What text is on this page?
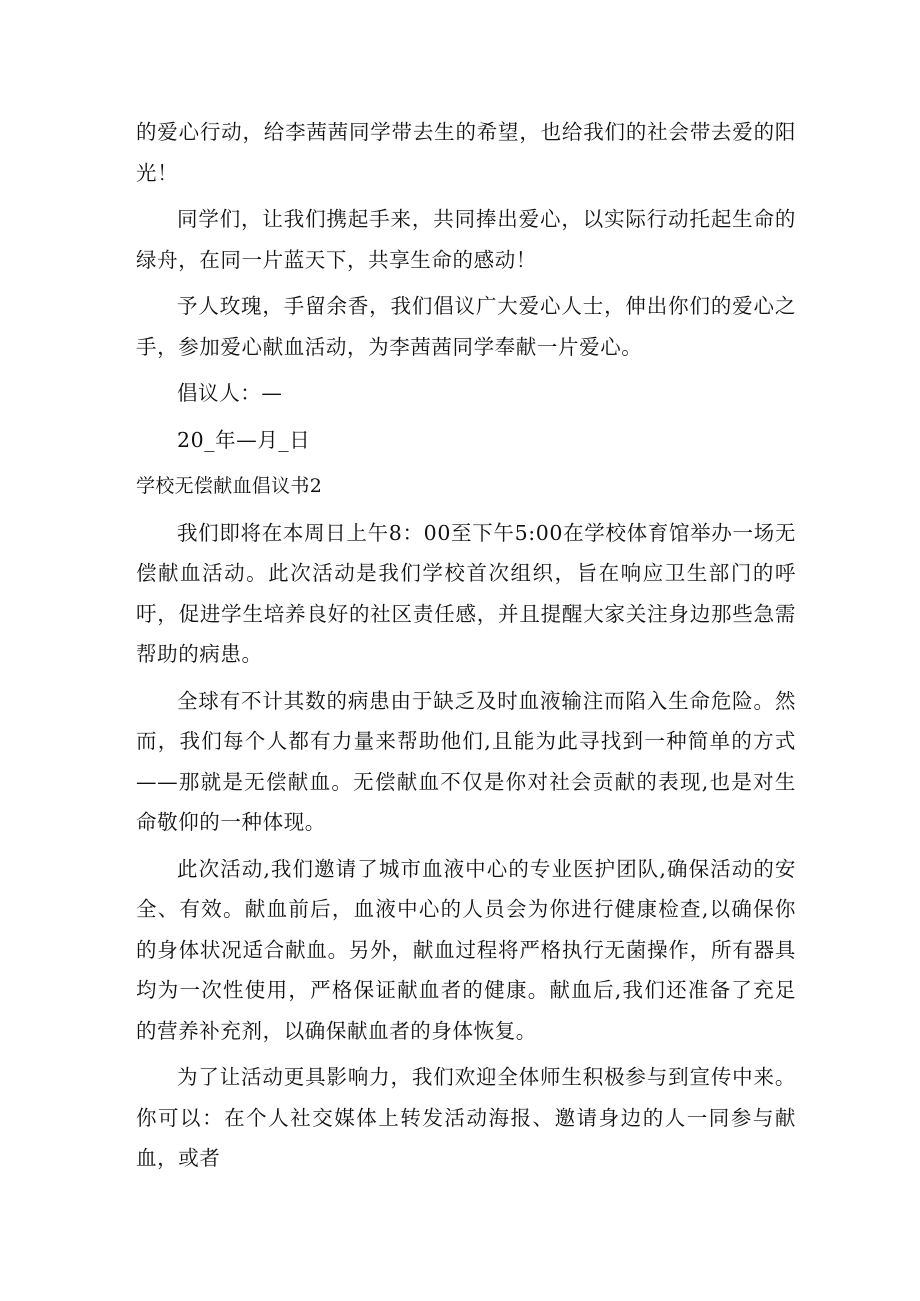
的爱心行动，给李茜茜同学带去生的希望，也给我们的社会带去爱的阳光！

同学们，让我们携起手来，共同捧出爱心，以实际行动托起生命的绿舟，在同一片蓝天下，共享生命的感动！

予人玫瑰，手留余香，我们倡议广大爱心人士，伸出你们的爱心之手，参加爱心献血活动，为李茜茜同学奉献一片爱心。

倡议人：—

20_年—月_日

学校无偿献血倡议书2

我们即将在本周日上午8：00至下午5:00在学校体育馆举办一场无偿献血活动。此次活动是我们学校首次组织，旨在响应卫生部门的呼吁，促进学生培养良好的社区责任感，并且提醒大家关注身边那些急需帮助的病患。

全球有不计其数的病患由于缺乏及时血液输注而陷入生命危险。然而，我们每个人都有力量来帮助他们,且能为此寻找到一种简单的方式——那就是无偿献血。无偿献血不仅是你对社会贡献的表现,也是对生命敬仰的一种体现。

此次活动,我们邀请了城市血液中心的专业医护团队,确保活动的安全、有效。献血前后，血液中心的人员会为你进行健康检查,以确保你的身体状况适合献血。另外，献血过程将严格执行无菌操作，所有器具均为一次性使用，严格保证献血者的健康。献血后,我们还准备了充足的营养补充剂，以确保献血者的身体恢复。

为了让活动更具影响力，我们欢迎全体师生积极参与到宣传中来。你可以：在个人社交媒体上转发活动海报、邀请身边的人一同参与献血，或者
